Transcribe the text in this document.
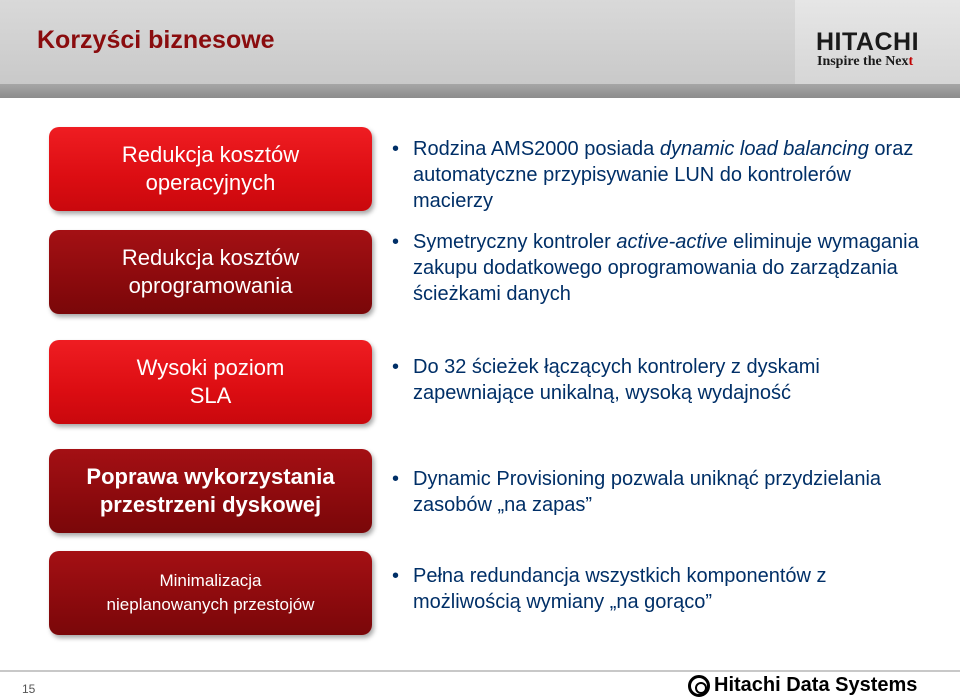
Korzyści biznesowe	HITACHI
Inspire the Next
Redukcja kosztów
operacyjnych
Redukcja kosztów
oprogramowania
Wysoki poziom
SLA
Poprawa wykorzystania
przestrzeni dyskowej
Minimalizacja
nieplanowanych przestojów
• Rodzina AMS2000 posiada dynamic load balancing oraz automatyczne przypisywanie LUN do kontrolerów macierzy
• Symetryczny kontroler active-active eliminuje wymagania zakupu dodatkowego oprogramowania do zarządzania ścieżkami danych
• Do 32 ścieżek łączących kontrolery z dyskami zapewniające unikalną, wysoką wydajność
• Dynamic Provisioning pozwala uniknąć przydzielania zasobów „na zapas”
• Pełna redundancja wszystkich komponentów z możliwością wymiany „na gorąco”
15	Hitachi Data Systems
